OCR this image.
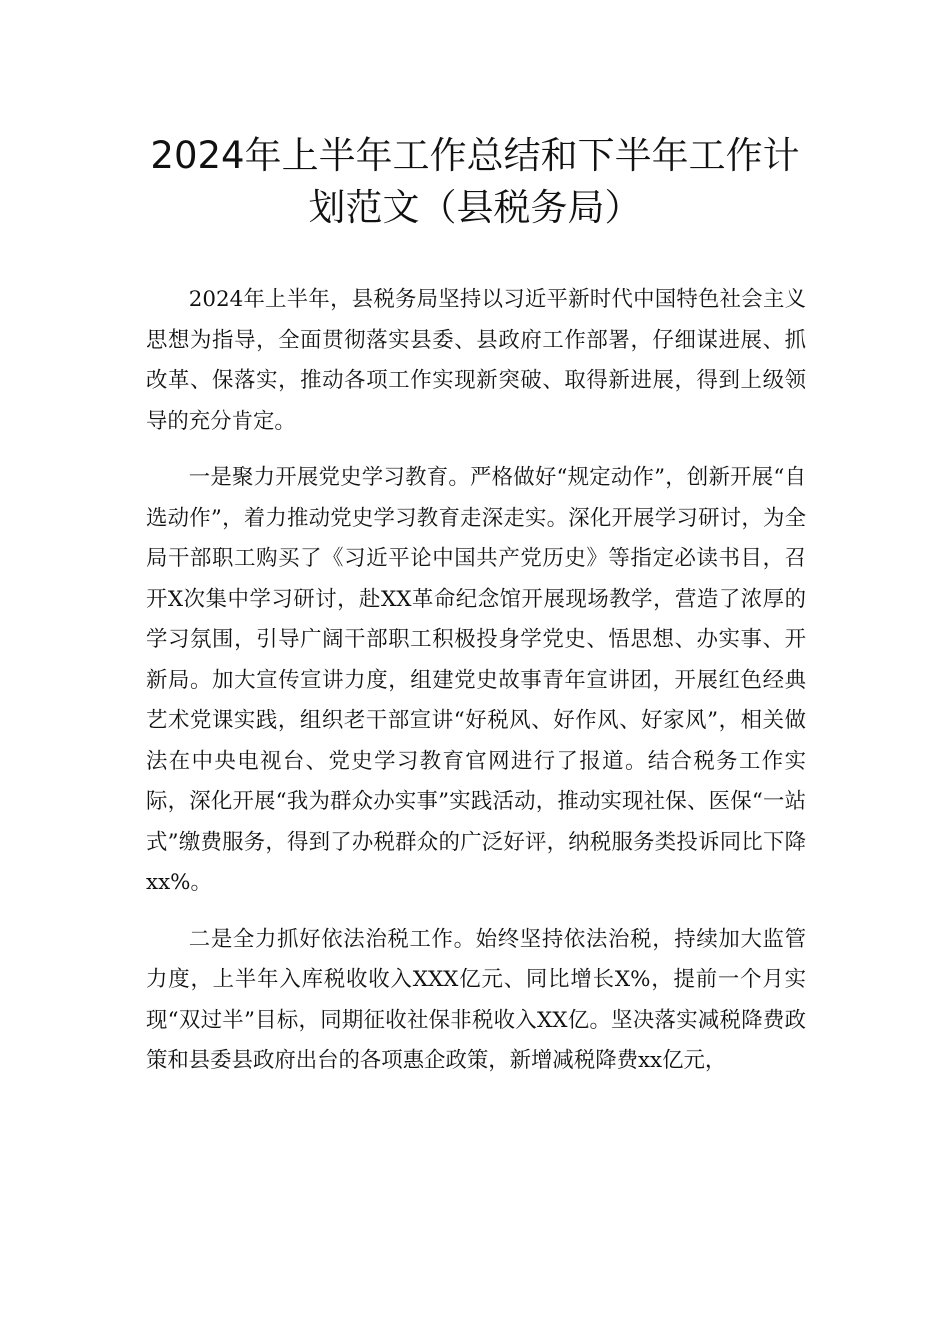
2024年上半年工作总结和下半年工作计
划范文（县税务局）

2024年上半年，县税务局坚持以习近平新时代中国特色社会主义思想为指导，全面贯彻落实县委、县政府工作部署，仔细谋进展、抓改革、保落实，推动各项工作实现新突破、取得新进展，得到上级领导的充分肯定。

一是聚力开展党史学习教育。严格做好“规定动作”，创新开展“自选动作”，着力推动党史学习教育走深走实。深化开展学习研讨，为全局干部职工购买了《习近平论中国共产党历史》等指定必读书目，召开X次集中学习研讨，赴XX革命纪念馆开展现场教学，营造了浓厚的学习氛围，引导广阔干部职工积极投身学党史、悟思想、办实事、开新局。加大宣传宣讲力度，组建党史故事青年宣讲团，开展红色经典艺术党课实践，组织老干部宣讲“好税风、好作风、好家风”，相关做法在中央电视台、党史学习教育官网进行了报道。结合税务工作实际，深化开展“我为群众办实事”实践活动，推动实现社保、医保“一站式”缴费服务，得到了办税群众的广泛好评，纳税服务类投诉同比下降xx%。

二是全力抓好依法治税工作。始终坚持依法治税，持续加大监管力度，上半年入库税收收入XXX亿元、同比增长X%，提前一个月实现“双过半”目标，同期征收社保非税收入XX亿。坚决落实减税降费政策和县委县政府出台的各项惠企政策，新增减税降费xx亿元，
